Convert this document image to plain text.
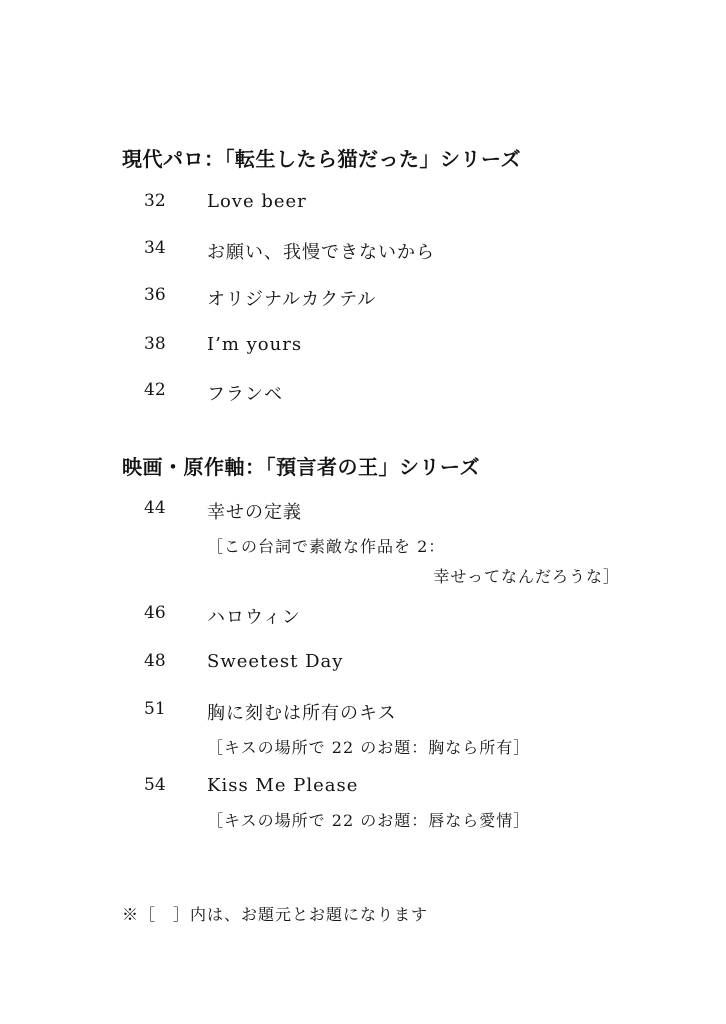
現代パロ：「転生したら猫だった」シリーズ
32 Love beer
34 お願い、我慢できないから
36 オリジナルカクテル
38 I’m yours
42 フランベ
映画・原作軸：「預言者の王」シリーズ
44 幸せの定義
［この台詞で素敵な作品を 2：
幸せってなんだろうな］
46 ハロウィン
48 Sweetest Day
51 胸に刻むは所有のキス
［キスの場所で 22 のお題：胸なら所有］
54 Kiss Me Please
［キスの場所で 22 のお題：唇なら愛情］
※［　］内は、お題元とお題になります
